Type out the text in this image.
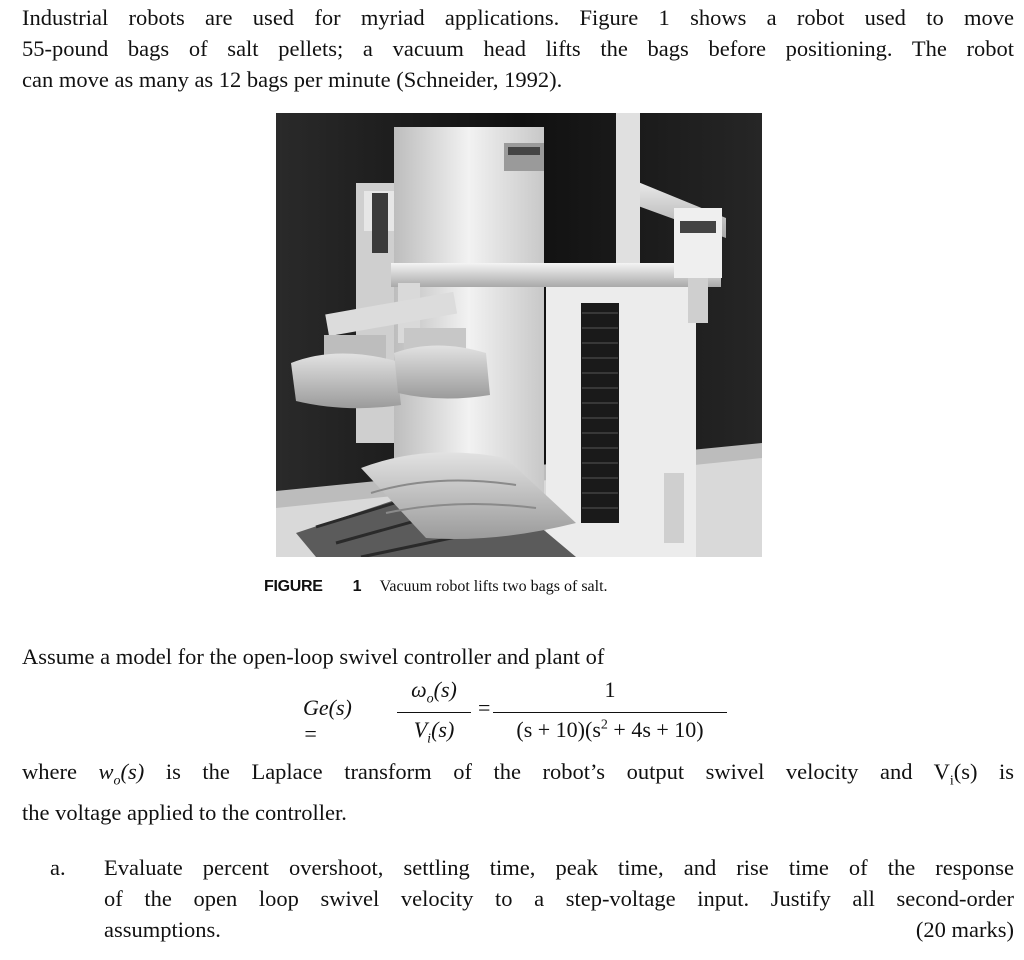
Industrial robots are used for myriad applications. Figure 1 shows a robot used to move
55-pound bags of salt pellets; a vacuum head lifts the bags before positioning. The robot
can move as many as 12 bags per minute (Schneider, 1992).
FIGURE 1 Vacuum robot lifts two bags of salt.
Assume a model for the open-loop swivel controller and plant of
Ge(s) =
$\omega_o(s)$
$V_i(s)$
=
1
$(s + 10)(s^2 + 4s + 10)$
where $w_o(s)$ is the Laplace transform of the robot’s output swivel velocity and $V_i(s)$ is
the voltage applied to the controller.
a. Evaluate percent overshoot, settling time, peak time, and rise time of the response
of the open loop swivel velocity to a step-voltage input. Justify all second-order
assumptions.	(20 marks)
